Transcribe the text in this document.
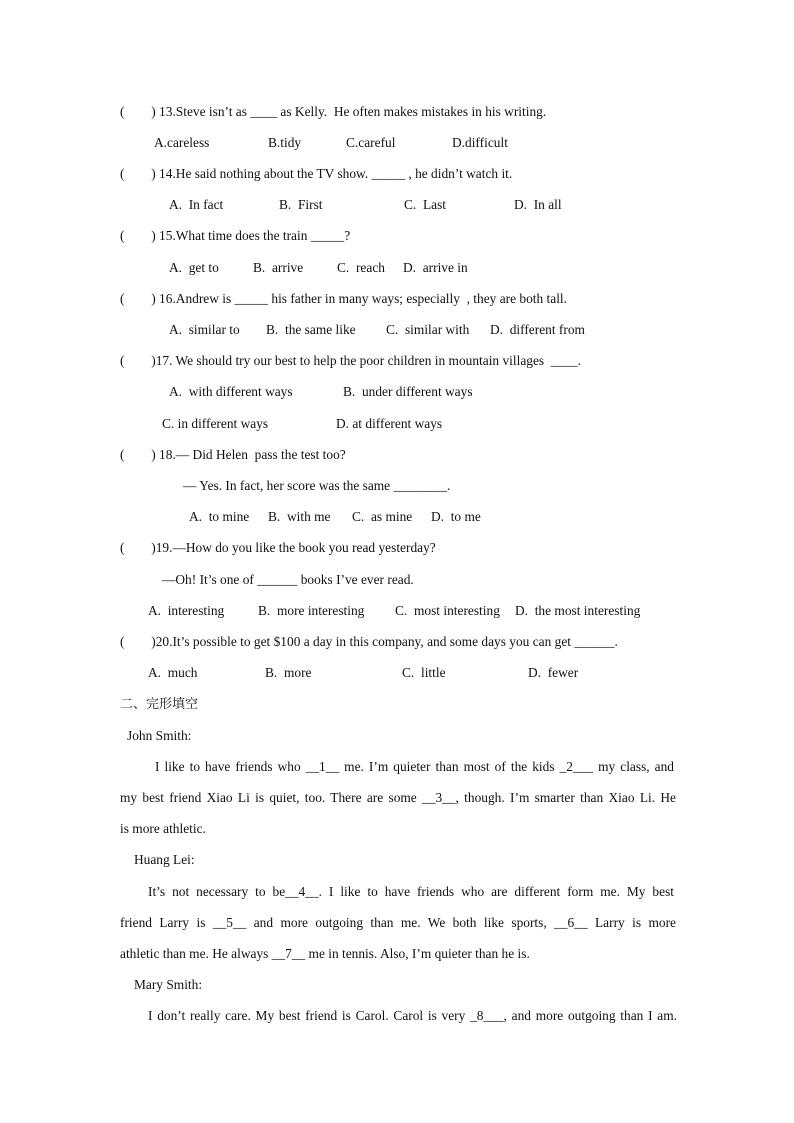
(        ) 13.Steve isn’t as ____ as Kelly.  He often makes mistakes in his writing.
A.careless	B.tidy	C.careful	D.difficult
(        ) 14.He said nothing about the TV show. _____ , he didn’t watch it.
A.  In fact	B.  First	C.  Last	D.  In all
(        ) 15.What time does the train _____?
A.  get to	B.  arrive	C.  reach D.  arrive in
(        ) 16.Andrew is _____ his father in many ways; especially  , they are both tall.
A.  similar to B.  the same like C.  similar with D.  different from
(        )17. We should try our best to help the poor children in mountain villages  ____.
A.  with different ways	B.  under different ways
C. in different ways	D. at different ways
(        ) 18.— Did Helen  pass the test too?
— Yes. In fact, her score was the same ________.
A.  to mine B.  with me C.  as mine D.  to me
(        )19.—How do you like the book you read yesterday?
—Oh! It’s one of ______ books I’ve ever read.
A.  interesting	B.  more interesting C.  most interesting D.  the most interesting
(        )20.It’s possible to get $100 a day in this company, and some days you can get ______.
A.  much	B.  more	C.  little	D.  fewer
二、完形填空
John Smith:
I like to have friends who __1__ me. I’m quieter than most of the kids _2___ my class, and
my best friend Xiao Li is quiet, too. There are some __3__, though. I’m smarter than Xiao Li. He
is more athletic.
Huang Lei:
It’s not necessary to be__4__. I like to have friends who are different form me. My best
friend Larry is __5__ and more outgoing than me. We both like sports, __6__ Larry is more
athletic than me. He always __7__ me in tennis. Also, I’m quieter than he is.
Mary Smith:
I don’t really care. My best friend is Carol. Carol is very _8___, and more outgoing than I am.
